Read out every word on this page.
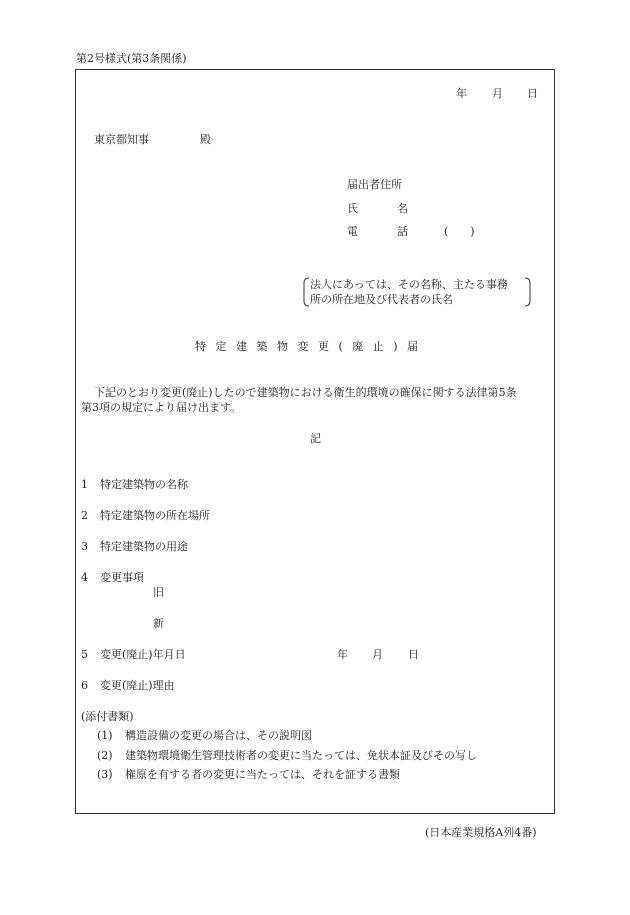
第2号様式(第3条関係)
年 月 日
東京都知事	殿
届出者住所
氏	名
電	話	(　　)
法人にあっては、その名称、主たる事務
所の所在地及び代表者の氏名
特 定 建 築 物 変 更 ( 廃 止 ) 届
下記のとおり変更(廃止)したので建築物における衛生的環境の確保に関する法律第5条
第3項の規定により届け出ます。
記
1 特定建築物の名称
2 特定建築物の所在場所
3 特定建築物の用途
4 変更事項
旧
新
5 変更(廃止)年月日	年 月 日
6 変更(廃止)理由
(添付書類)
(1) 構造設備の変更の場合は、その説明図
(2) 建築物環境衛生管理技術者の変更に当たっては、免状本証及びその写し
(3) 権原を有する者の変更に当たっては、それを証する書類
(日本産業規格A列4番)
